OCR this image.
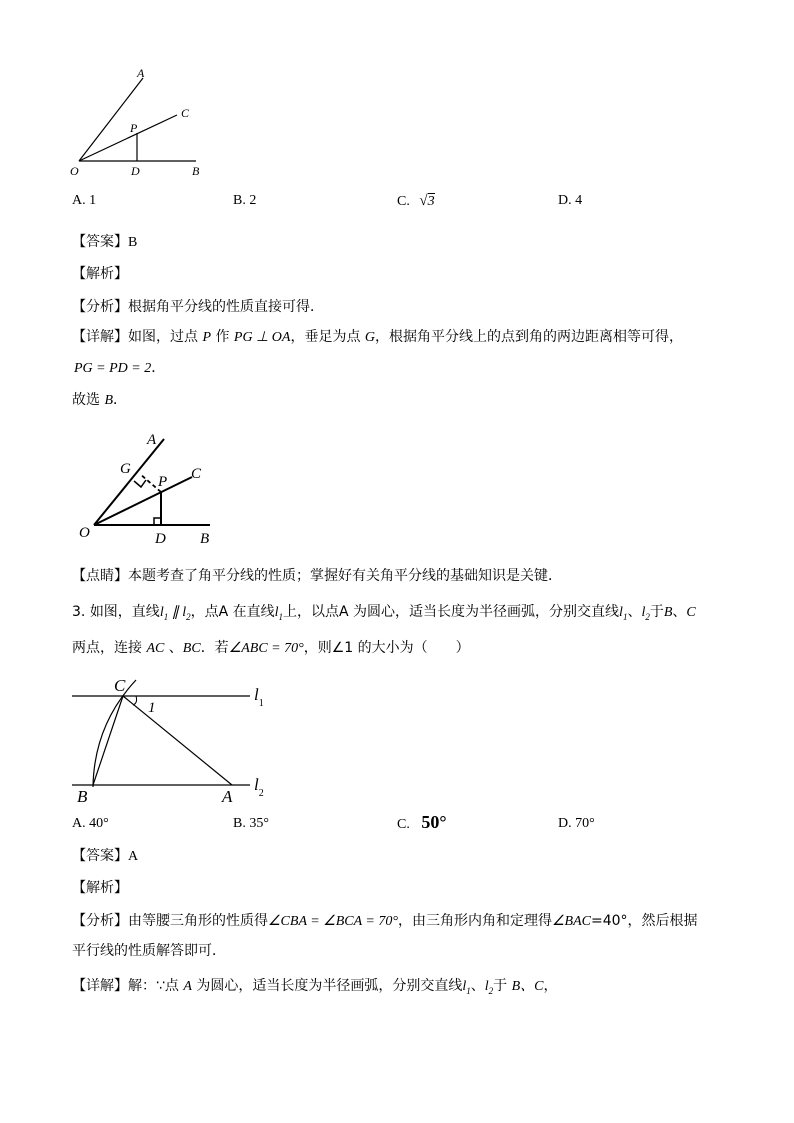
A
C
P
O	D	B
A. 1	B. 2	C. √3	D. 4
【答案】B
【解析】
【分析】根据角平分线的性质直接可得．
【详解】如图，过点 P 作 PG ⊥ OA，垂足为点 G，根据角平分线上的点到角的两边距离相等可得，
PG = PD = 2．
故选 B．
A
G
P C
O	D B
【点睛】本题考查了角平分线的性质；掌握好有关角平分线的基础知识是关键．
3. 如图，直线$l_1$ ∥ $l_2$，点A 在直线$l_1$上，以点A 为圆心，适当长度为半径画弧，分别交直线$l_1$、$l_2$于B、C
两点，连接 AC 、BC．若∠ABC = 70°，则∠1 的大小为（　　）
C
1
$l_1$
B	A
$l_2$
A. 40°	B. 35°	C. 50°	D. 70°
【答案】A
【解析】
【分析】由等腰三角形的性质得∠CBA = ∠BCA = 70°，由三角形内角和定理得∠BAC=40°，然后根据
平行线的性质解答即可．
【详解】解：∵点 A 为圆心，适当长度为半径画弧，分别交直线$l_1$、$l_2$于 B、C，
